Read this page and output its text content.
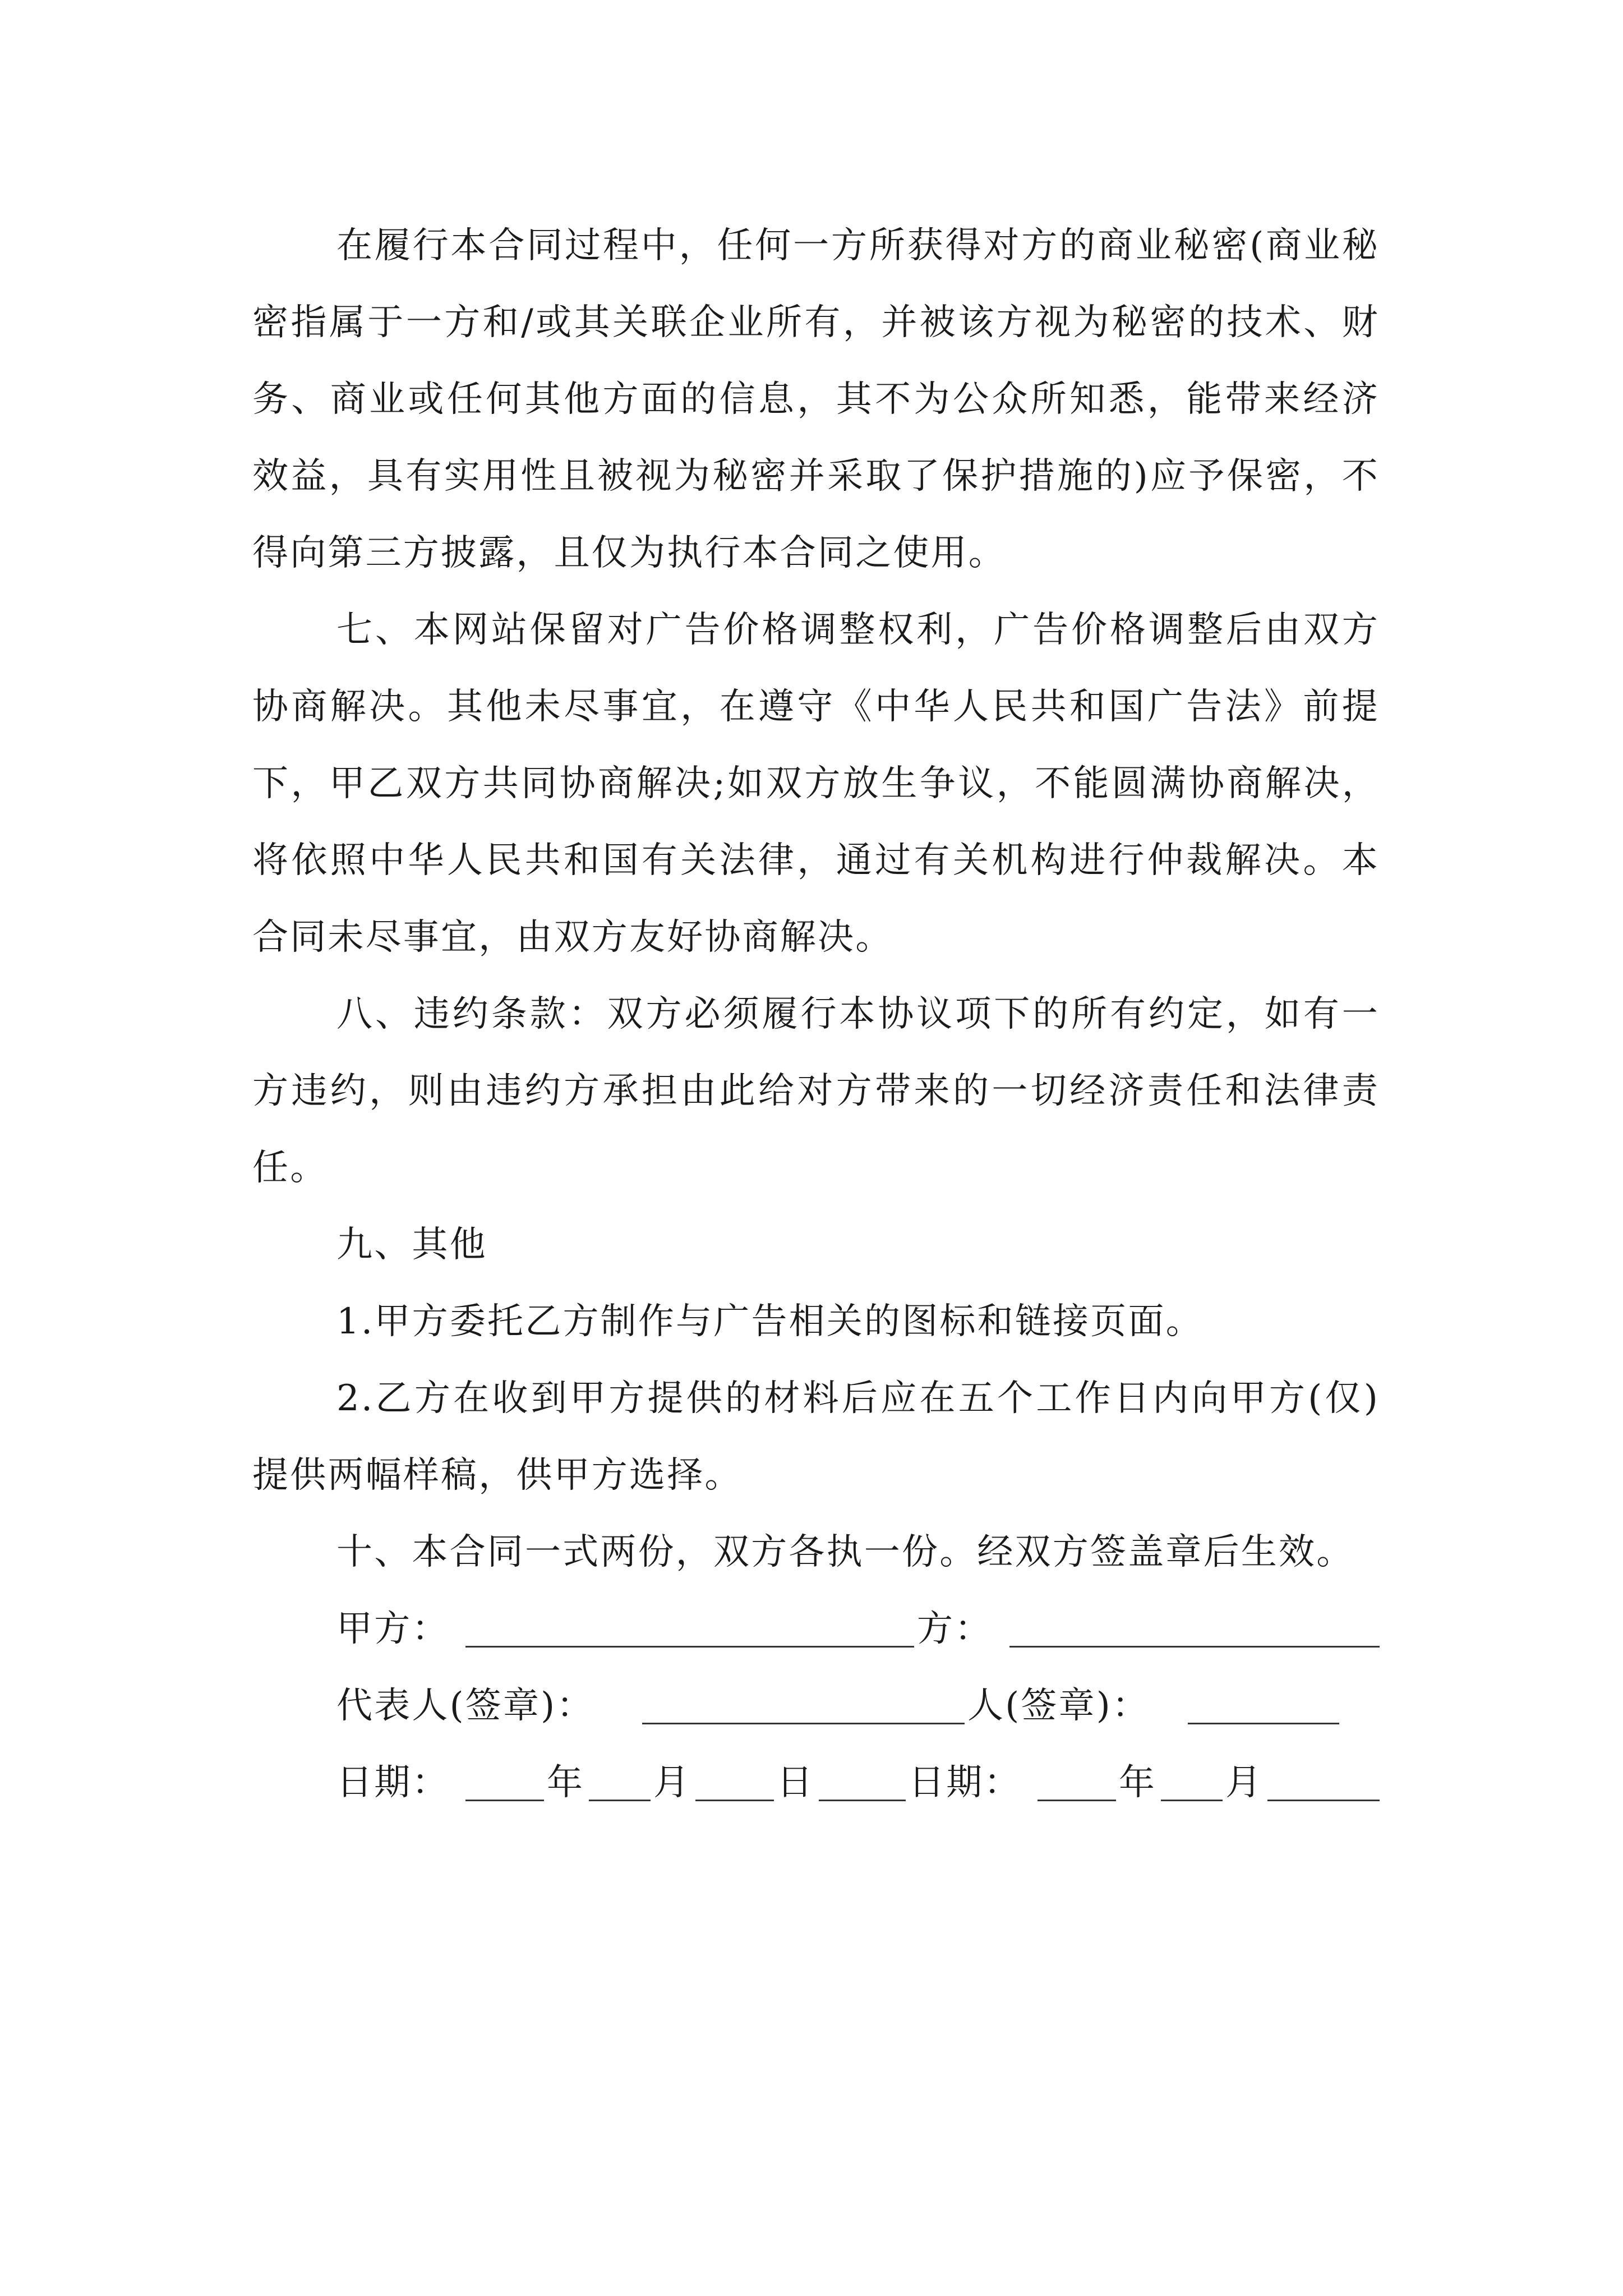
在履行本合同过程中，任何一方所获得对方的商业秘密(商业秘密指属于一方和/或其关联企业所有，并被该方视为秘密的技术、财务、商业或任何其他方面的信息，其不为公众所知悉，能带来经济效益，具有实用性且被视为秘密并采取了保护措施的)应予保密，不得向第三方披露，且仅为执行本合同之使用。

七、本网站保留对广告价格调整权利，广告价格调整后由双方协商解决。其他未尽事宜，在遵守《中华人民共和国广告法》前提下，甲乙双方共同协商解决;如双方放生争议，不能圆满协商解决，将依照中华人民共和国有关法律，通过有关机构进行仲裁解决。本合同未尽事宜，由双方友好协商解决。

八、违约条款：双方必须履行本协议项下的所有约定，如有一方违约，则由违约方承担由此给对方带来的一切经济责任和法律责任。

九、其他

1.甲方委托乙方制作与广告相关的图标和链接页面。

2.乙方在收到甲方提供的材料后应在五个工作日内向甲方(仅)提供两幅样稿，供甲方选择。

十、本合同一式两份，双方各执一份。经双方签盖章后生效。

甲方：	方：
代表人(签章)：	人(签章)：
日期：	年 月 日	日期：	年 月
